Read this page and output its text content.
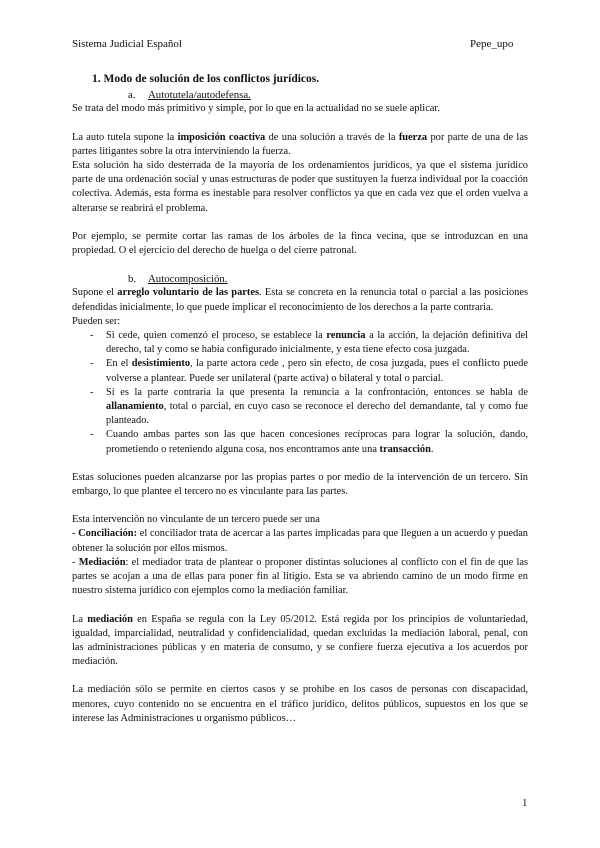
Sistema Judicial Español	Pepe_upo
1. Modo de solución de los conflictos jurídicos.
a. Autotutela/autodefensa.

Se trata del modo más primitivo y simple, por lo que en la actualidad no se suele aplicar.

La auto tutela supone la imposición coactiva de una solución a través de la fuerza por parte de una de las partes litigantes sobre la otra interviniendo la fuerza.

Esta solución ha sido desterrada de la mayoría de los ordenamientos jurídicos, ya que el sistema jurídico parte de una ordenación social y unas estructuras de poder que sustituyen la fuerza individual por la coacción colectiva. Además, esta forma es inestable para resolver conflictos ya que en cada vez que el orden vuelva a alterarse se reabrirá el problema.

Por ejemplo, se permite cortar las ramas de los árboles de la finca vecina, que se introduzcan en una propiedad. O el ejercicio del derecho de huelga o del cierre patronal.

b. Autocomposición.

Supone el arreglo voluntario de las partes. Esta se concreta en la renuncia total o parcial a las posiciones defendidas inicialmente, lo que puede implicar el reconocimiento de los derechos a la parte contraria.

Pueden ser:

- Si cede, quien comenzó el proceso, se establece la renuncia a la acción, la dejación definitiva del derecho, tal y como se había configurado inicialmente, y esta tiene efecto cosa juzgada.
- En el desistimiento, la parte actora cede , pero sin efecto, de cosa juzgada, pues el conflicto puede volverse a plantear. Puede ser unilateral (parte activa) o bilateral y total o parcial.
- Si es la parte contraria la que presenta la renuncia a la confrontación, entonces se habla de allanamiento, total o parcial, en cuyo caso se reconoce el derecho del demandante, tal y como fue planteado.
- Cuando ambas partes son las que hacen concesiones recíprocas para lograr la solución, dando, prometiendo o reteniendo alguna cosa, nos encontramos ante una transacción.

Estas soluciones pueden alcanzarse por las propias partes o por medio de la intervención de un tercero. Sin embargo, lo que plantee el tercero no es vinculante para las partes.

Esta intervención no vinculante de un tercero puede ser una

- Conciliación: el conciliador trata de acercar a las partes implicadas para que lleguen a un acuerdo y puedan obtener la solución por ellos mismos.

- Mediación: el mediador trata de plantear o proponer distintas soluciones al conflicto con el fin de que las partes se acojan a una de ellas para poner fin al litigio. Esta se va abriendo camino de un modo firme en nuestro sistema jurídico con ejemplos como la mediación familiar.

La mediación en España se regula con la Ley 05/2012. Está regida por los principios de voluntariedad, igualdad, imparcialidad, neutralidad y confidencialidad, quedan excluidas la mediación laboral, penal, con las administraciones públicas y en materia de consumo, y se confiere fuerza ejecutiva a los acuerdos por mediación.

La mediación sólo se permite en ciertos casos y se prohíbe en los casos de personas con discapacidad, menores, cuyo contenido no se encuentra en el tráfico jurídico, delitos públicos, supuestos en los que se interese las Administraciones u organismo públicos…

1
